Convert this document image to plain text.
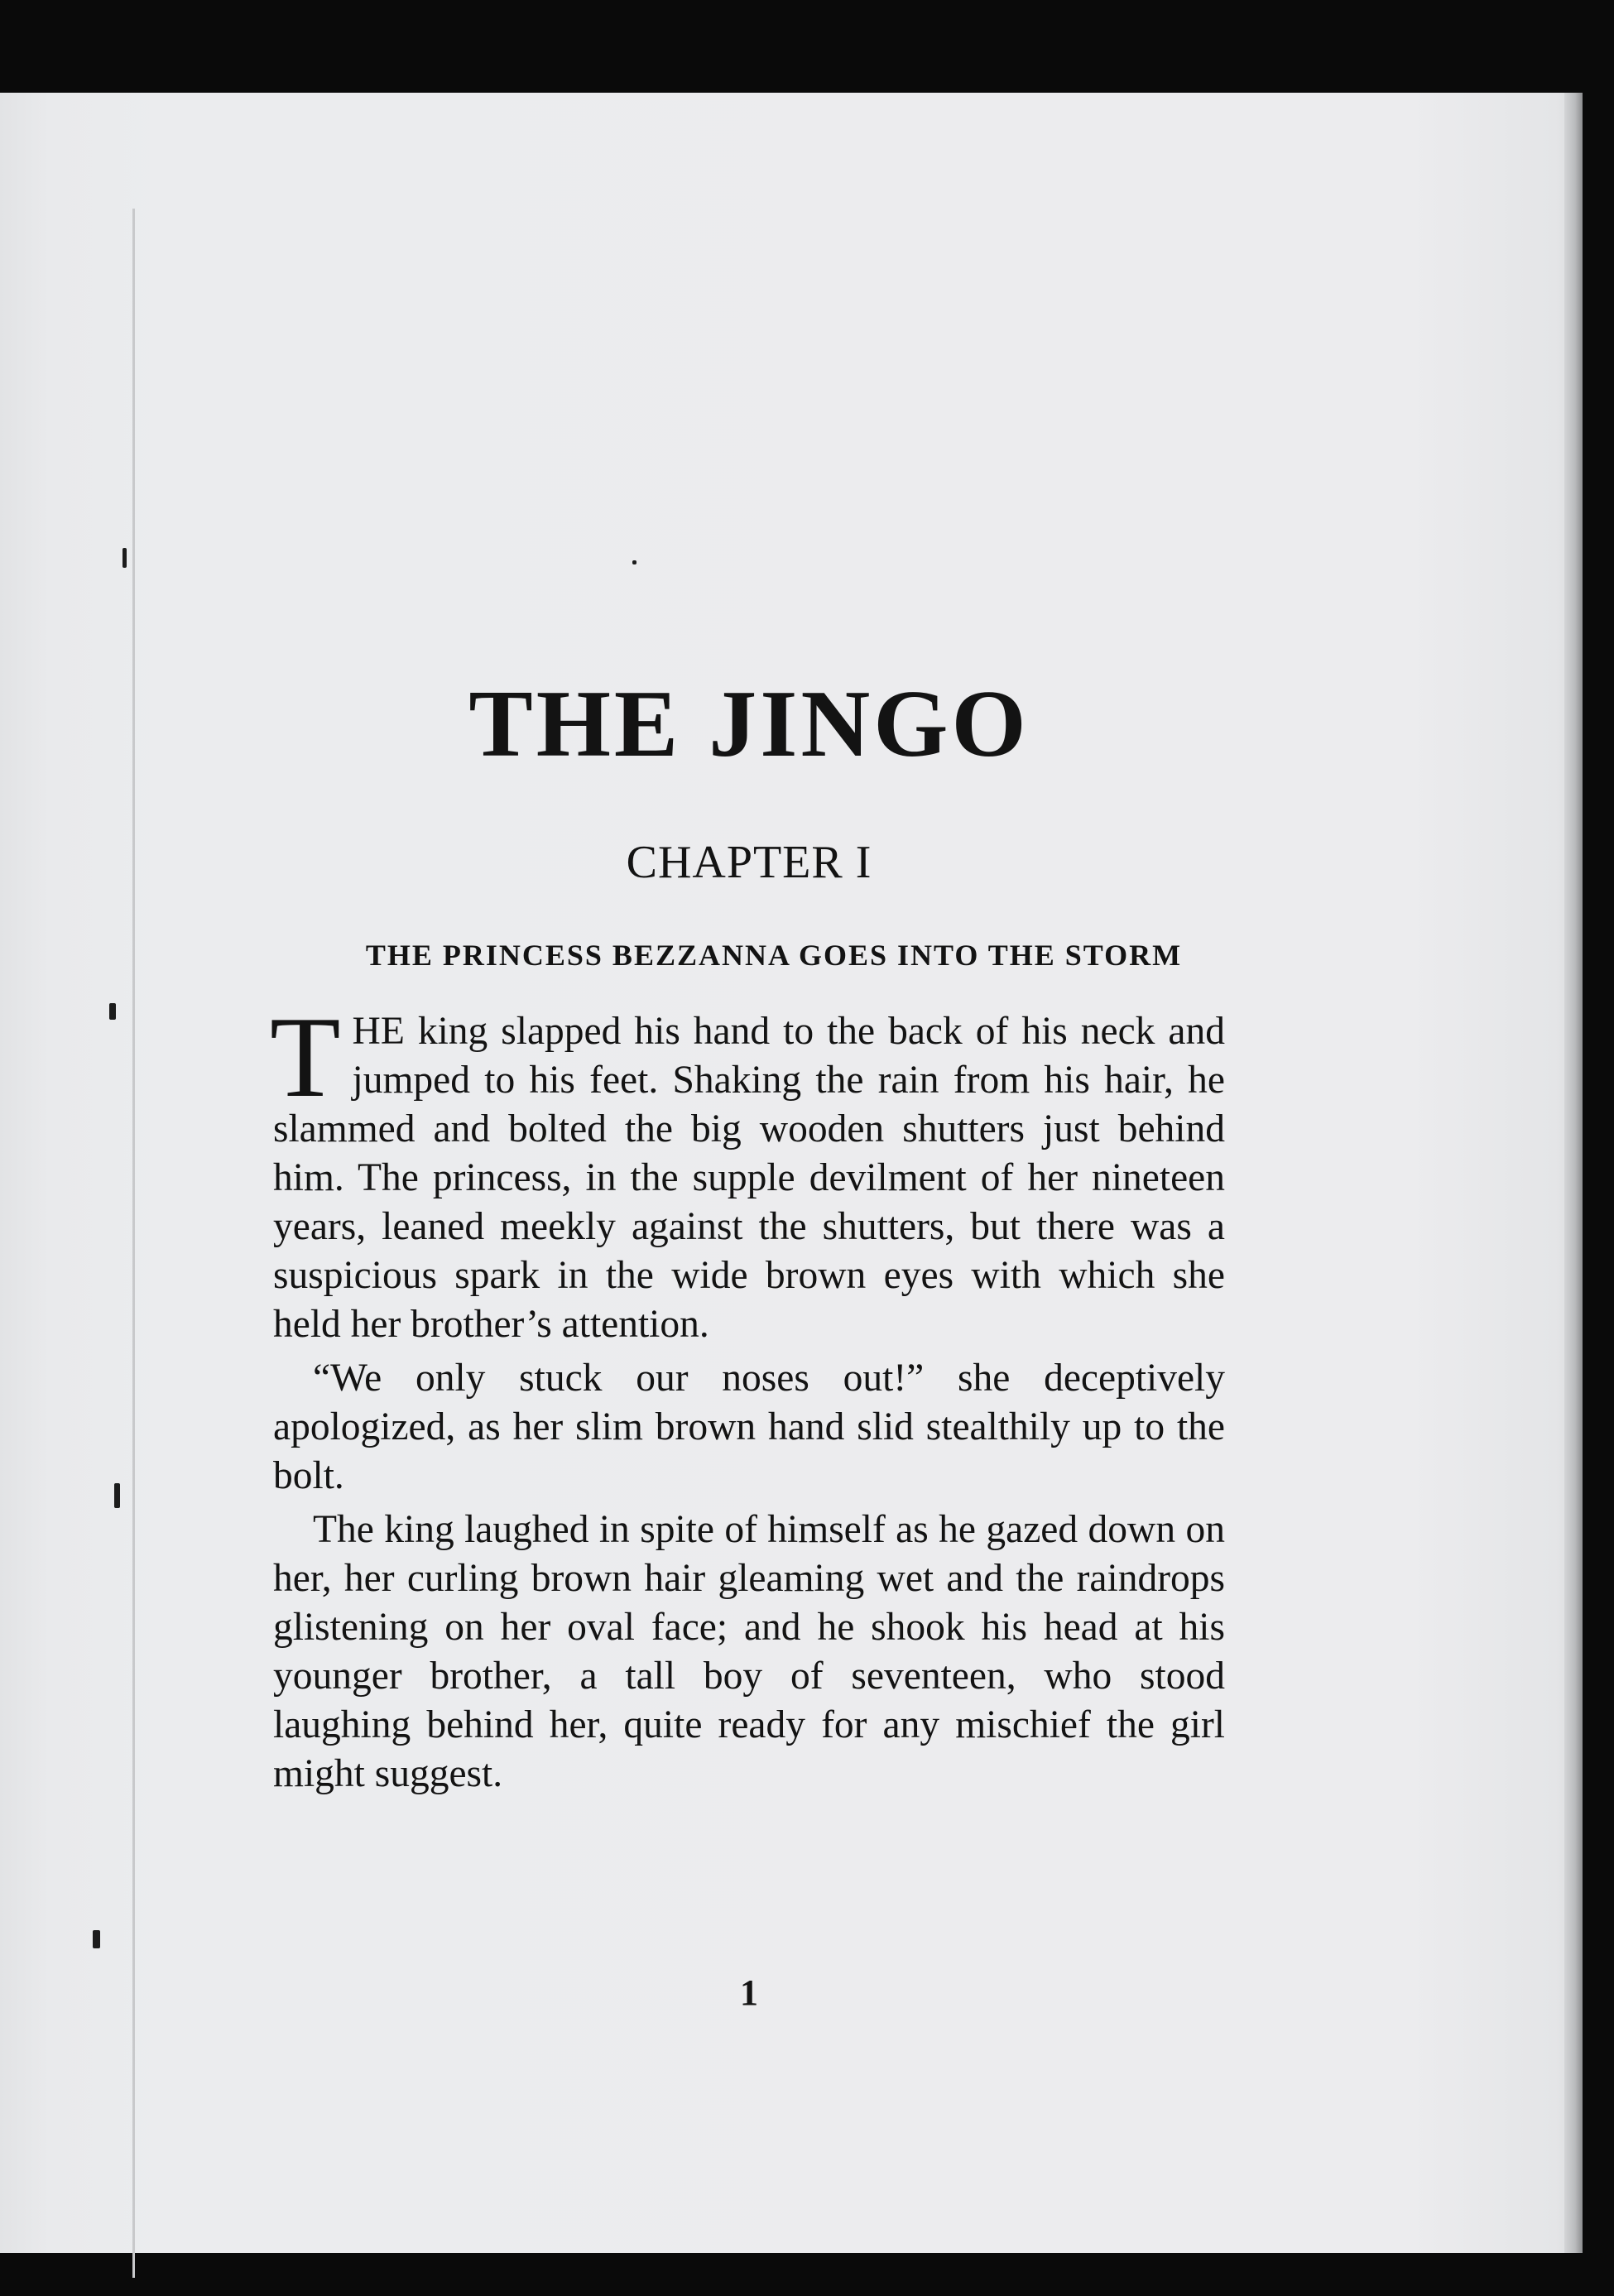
THE JINGO
CHAPTER I
THE PRINCESS BEZZANNA GOES INTO THE STORM

THE king slapped his hand to the back of his neck and jumped to his feet. Shaking the rain from his hair, he slammed and bolted the big wooden shutters just behind him. The princess, in the supple devilment of her nineteen years, leaned meekly against the shutters, but there was a suspicious spark in the wide brown eyes with which she held her brother’s attention.

“We only stuck our noses out!” she deceptively apologized, as her slim brown hand slid stealthily up to the bolt.

The king laughed in spite of himself as he gazed down on her, her curling brown hair gleaming wet and the raindrops glistening on her oval face; and he shook his head at his younger brother, a tall boy of seventeen, who stood laughing behind her, quite ready for any mischief the girl might suggest.

1
